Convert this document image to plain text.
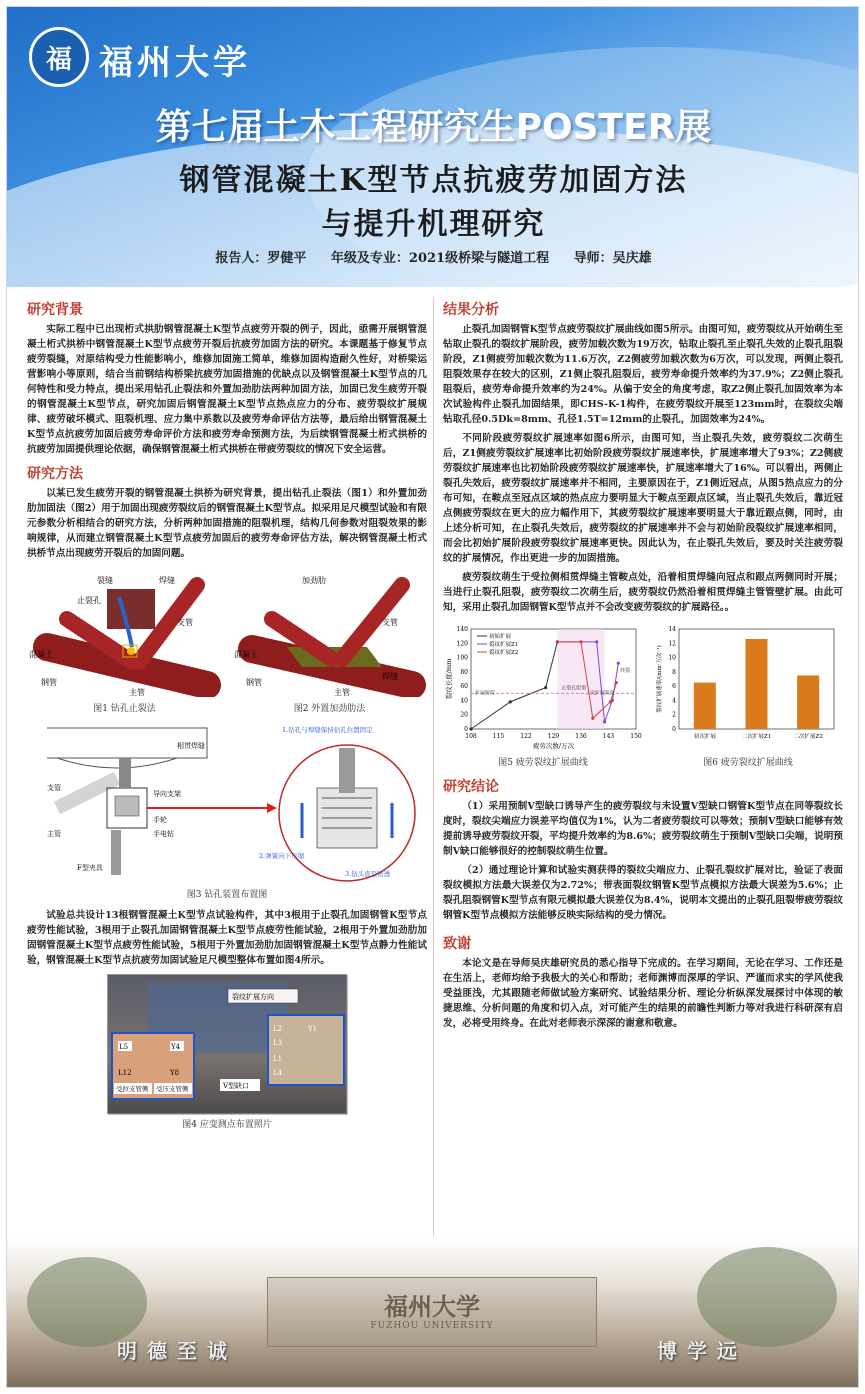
福 福州大学
第七届土木工程研究生POSTER展
钢管混凝土K型节点抗疲劳加固方法
与提升机理研究
报告人：罗健平 年级及专业：2021级桥梁与隧道工程 导师：吴庆雄
研究背景

实际工程中已出现桁式拱肋钢管混凝土K型节点疲劳开裂的例子，因此，亟需开展钢管混凝土桁式拱桥中钢管混凝土K型节点疲劳开裂后抗疲劳加固方法的研究。本课题基于修复节点疲劳裂缝，对原结构受力性能影响小，维修加固施工简单，维修加固构造耐久性好，对桥梁运营影响小等原则，结合当前钢结构桥梁抗疲劳加固措施的优缺点以及钢管混凝土K型节点的几何特性和受力特点，提出采用钻孔止裂法和外置加劲肋法两种加固方法，加固已发生疲劳开裂的钢管混凝土K型节点，研究加固后钢管混凝土K型节点热点应力的分布、疲劳裂纹扩展规律、疲劳破坏模式、阻裂机理、应力集中系数以及疲劳寿命评估方法等，最后给出钢管混凝土K型节点抗疲劳加固后疲劳寿命评价方法和疲劳寿命预测方法，为后续钢管混凝土桁式拱桥的抗疲劳加固提供理论依据，确保钢管混凝土桁式拱桥在带疲劳裂纹的情况下安全运营。

研究方法

以某已发生疲劳开裂的钢管混凝土拱桥为研究背景，提出钻孔止裂法（图1）和外置加劲肋加固法（图2）用于加固出现疲劳裂纹后的钢管混凝土K型节点。拟采用足尺模型试验和有限元参数分析相结合的研究方法，分析两种加固措施的阻裂机理，结构几何参数对阻裂效果的影响规律，从而建立钢管混凝土K型节点疲劳加固后的疲劳寿命评估方法，解决钢管混凝土桁式拱桥节点出现疲劳开裂后的加固问题。

裂缝	焊缝
止裂孔
支管
混凝土
主管
钢管
图1 钻孔止裂法
加劲肋
支管
混凝土
主管
焊缝
钢管
图2 外置加劲肋法
1.钻孔与焊缝保持钻孔位置固定
相贯焊缝
导向支架
支管
主管	手电钻
手轮
F型夹具
2.弹簧向下压缩
3.钻头直至钻透
图3 钻孔装置布置图

试验总共设计13根钢管混凝土K型节点试验构件，其中3根用于止裂孔加固钢管K型节点疲劳性能试验，3根用于止裂孔加固钢管混凝土K型节点疲劳性能试验，2根用于外置加劲肋加固钢管混凝土K型节点疲劳性能试验，5根用于外置加劲肋加固钢管混凝土K型节点静力性能试验，钢管混凝土K型节点抗疲劳加固试验足尺模型整体布置如图4所示。

裂纹扩展方向
L5	Y4
L2
L3
Y1
L12	Y8
L1
L4
受拉支管侧 受压支管侧	V型缺口
图4 应变测点布置照片
结果分析

止裂孔加固钢管K型节点疲劳裂纹扩展曲线如图5所示。由图可知，疲劳裂纹从开始萌生至钻取止裂孔的裂纹扩展阶段，疲劳加载次数为19万次，钻取止裂孔至止裂孔失效的止裂孔阻裂阶段，Z1侧疲劳加载次数为11.6万次，Z2侧疲劳加载次数为6万次，可以发现，两侧止裂孔阻裂效果存在较大的区别，Z1侧止裂孔阻裂后，疲劳寿命提升效率约为37.9%；Z2侧止裂孔阻裂后，疲劳寿命提升效率约为24%。从偏于安全的角度考虑，取Z2侧止裂孔加固效率为本次试验构件止裂孔加固结果，即CHS-K-1构件，在疲劳裂纹开展至123mm时，在裂纹尖端钻取孔径0.5Dk=8mm、孔径1.5T=12mm的止裂孔，加固效率为24%。

不同阶段疲劳裂纹扩展速率如图6所示，由图可知，当止裂孔失效，疲劳裂纹二次萌生后，Z1侧疲劳裂纹扩展速率比初始阶段疲劳裂纹扩展速率快，扩展速率增大了93%；Z2侧疲劳裂纹扩展速率也比初始阶段疲劳裂纹扩展速率快，扩展速率增大了16%。可以看出，两侧止裂孔失效后，疲劳裂纹扩展速率并不相同，主要原因在于，Z1侧近冠点，从图5热点应力的分布可知，在鞍点至冠点区域的热点应力要明显大于鞍点至跟点区域，当止裂孔失效后，靠近冠点侧疲劳裂纹在更大的应力幅作用下，其疲劳裂纹扩展速率要明显大于靠近跟点侧，同时，由上述分析可知，在止裂孔失效后，疲劳裂纹的扩展速率并不会与初始阶段裂纹扩展速率相同，而会比初始扩展阶段疲劳裂纹扩展速率更快。因此认为，在止裂孔失效后，要及时关注疲劳裂纹的扩展情况，作出更进一步的加固措施。

疲劳裂纹萌生于受拉侧相贯焊缝主管鞍点处，沿着相贯焊缝向冠点和跟点两侧同时开展；当进行止裂孔阻裂，疲劳裂纹二次萌生后，疲劳裂纹仍然沿着相贯焊缝主管管壁扩展。由此可知，采用止裂孔加固钢管K型节点并不会改变疲劳裂纹的扩展路径。。

108	115	122	129	136	143	150
0
20
40
60
80
100
120
140
初始扩展
裂纹扩展Z1
裂纹扩展Z2
扩展阶段
止裂孔阻裂
二次扩展阶段
终裂
疲劳次数/万次
裂纹长度/mm
图5 疲劳裂纹扩展曲线
0
2
4
6
8
10
12
14
初次扩展	二次扩展Z1	二次扩展Z2
裂纹扩展速率/(mm·万次⁻¹)
图6 疲劳裂纹扩展曲线
研究结论

（1）采用预制V型缺口诱导产生的疲劳裂纹与未设置V型缺口钢管K型节点在同等裂纹长度时，裂纹尖端应力误差平均值仅为1%，认为二者疲劳裂纹可以等效；预制V型缺口能够有效提前诱导疲劳裂纹开裂，平均提升效率约为8.6%；疲劳裂纹萌生于预制V型缺口尖端，说明预制V缺口能够很好的控制裂纹萌生位置。

（2）通过理论计算和试验实测获得的裂纹尖端应力、止裂孔裂纹扩展对比，验证了表面裂纹模拟方法最大误差仅为2.72%；带表面裂纹钢管K型节点模拟方法最大误差为5.6%；止裂孔阻裂钢管K型节点有限元模拟最大误差仅为8.4%，说明本文提出的止裂孔阻裂带疲劳裂纹钢管K型节点模拟方法能够反映实际结构的受力情况。

致谢

本论文是在导师吴庆雄研究员的悉心指导下完成的。在学习期间，无论在学习、工作还是在生活上，老师均给予我极大的关心和帮助；老师渊博而深厚的学识、严谨而求实的学风使我受益匪浅，尤其跟随老师做试验方案研究、试验结果分析、理论分析纵深发展探讨中体现的敏捷思维、分析问题的角度和切入点，对可能产生的结果的前瞻性判断力等对我进行科研深有启发，必将受用终身。在此对老师表示深深的谢意和敬意。

福州大学
FUZHOU UNIVERSITY
明德至诚	博学远
